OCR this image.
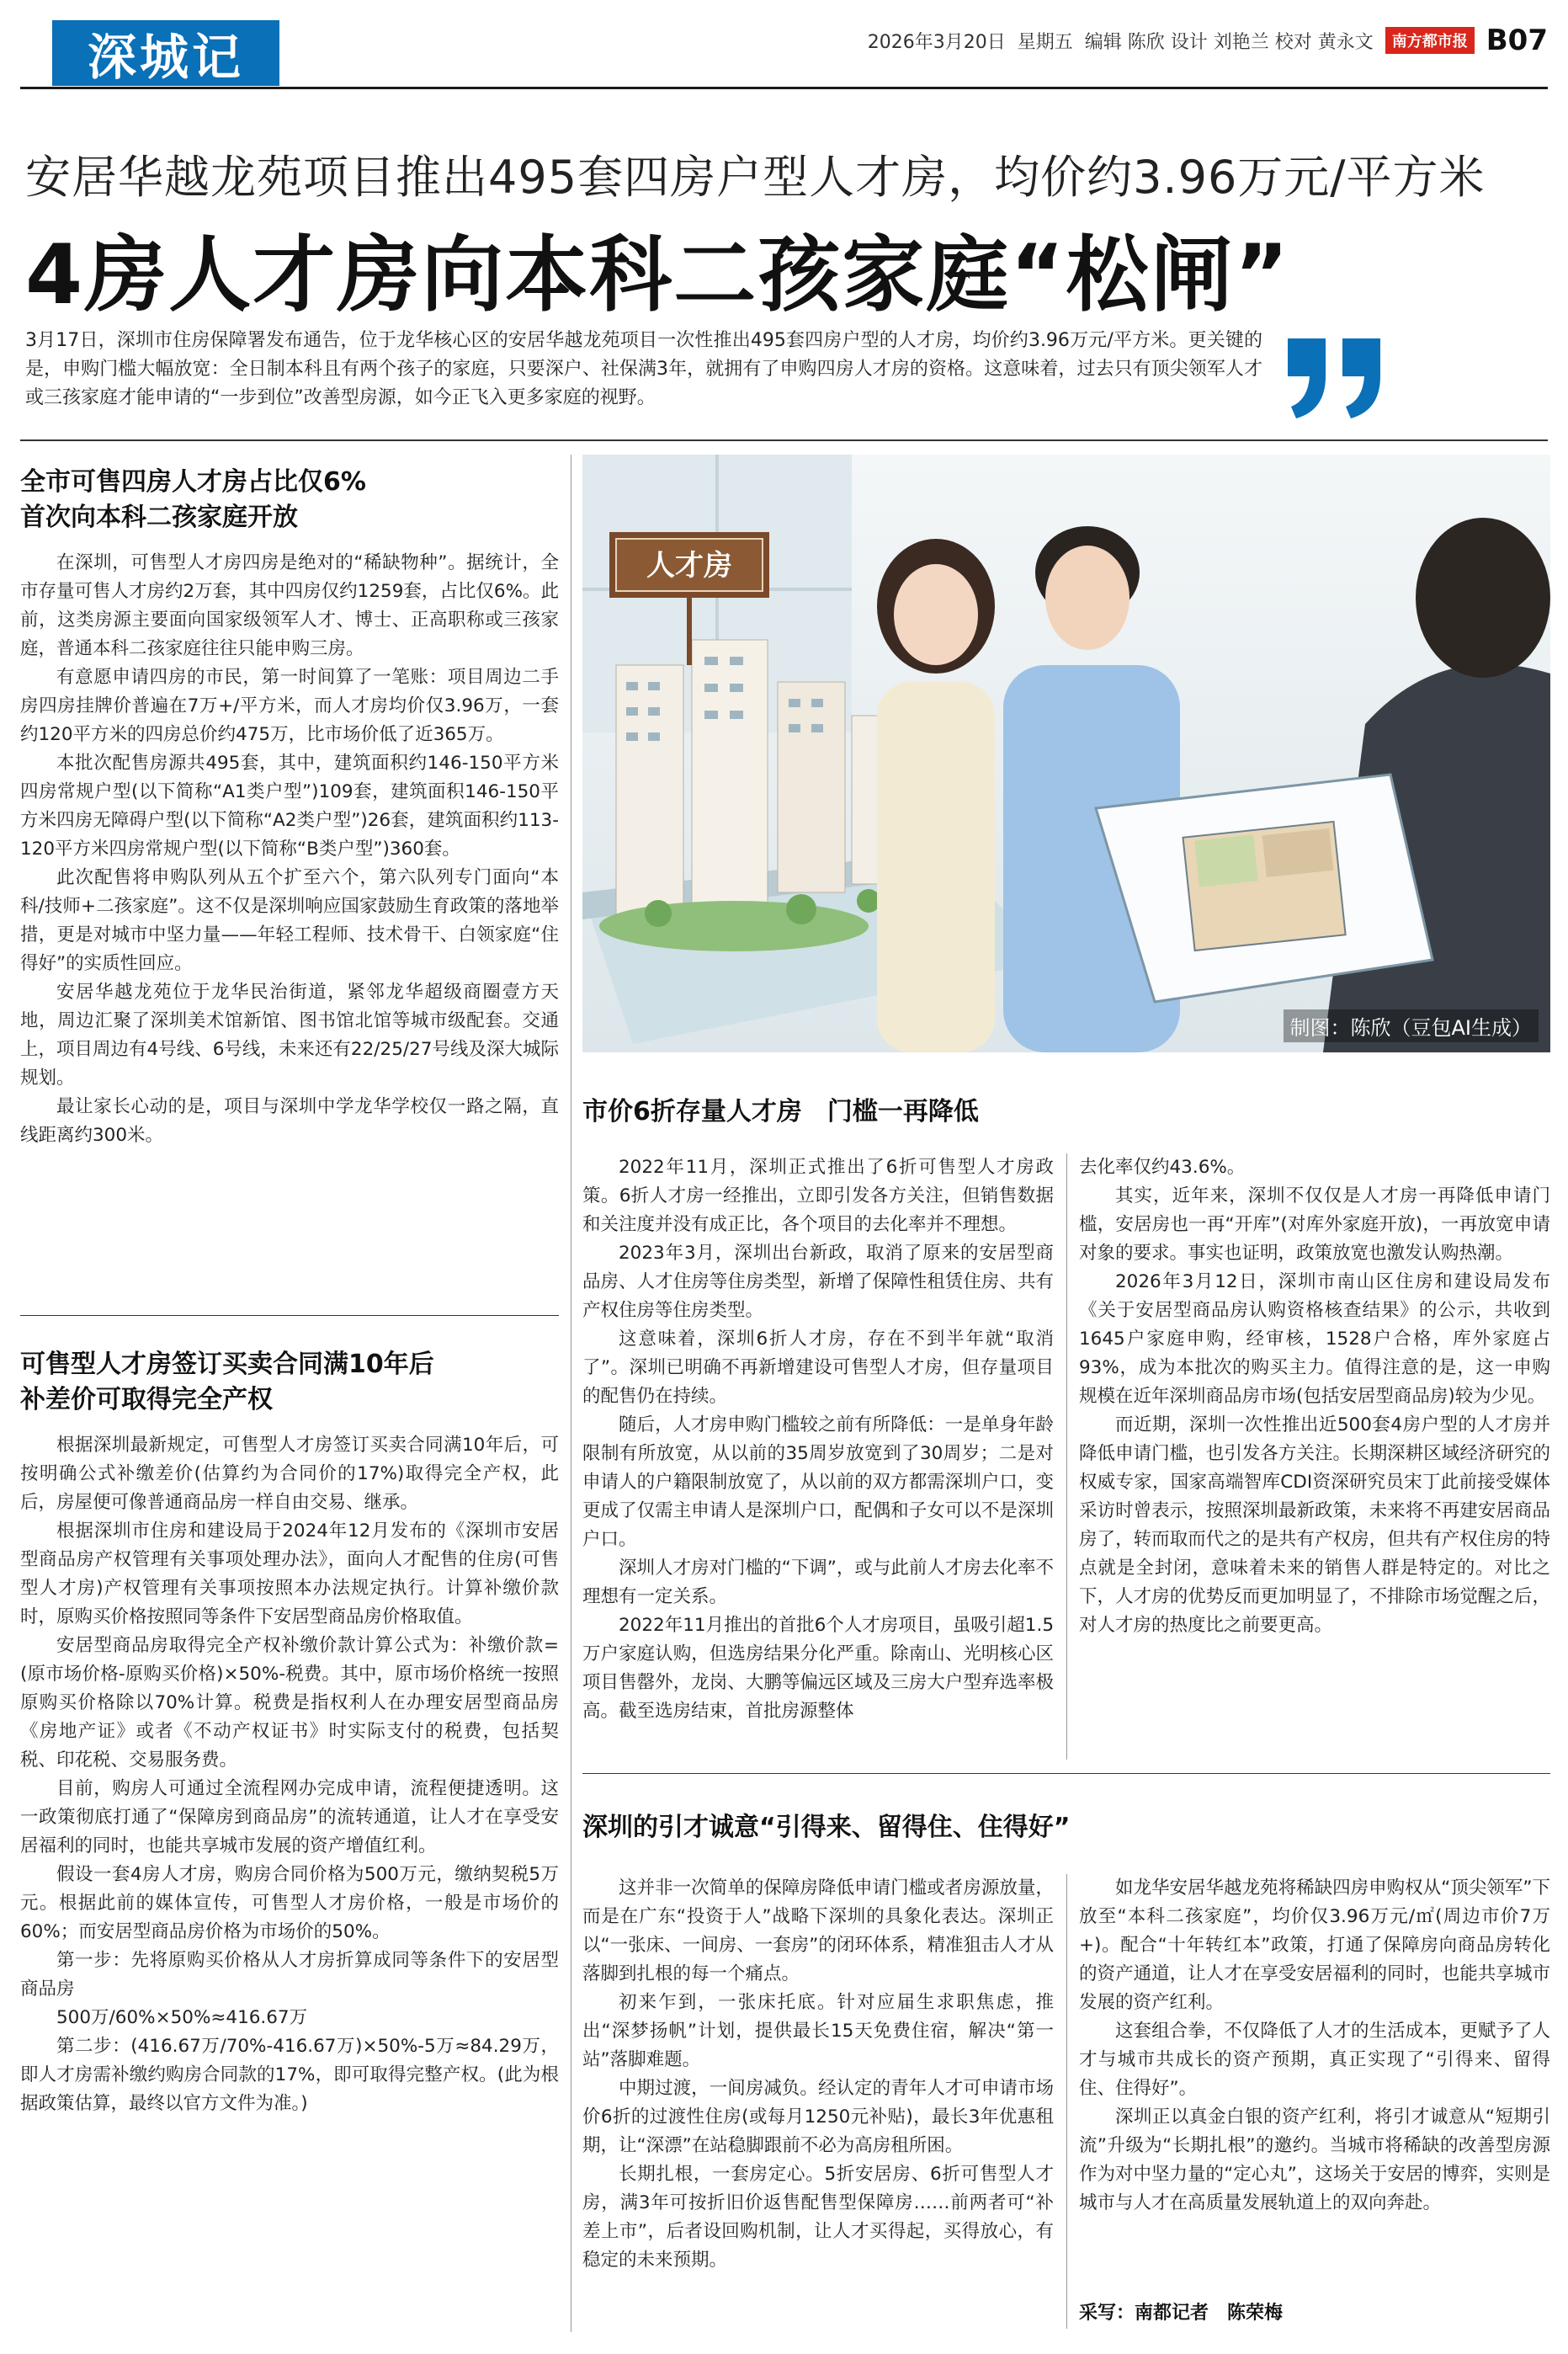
深城记	2026年3月20日 星期五 编辑 陈欣 设计 刘艳兰 校对 黄永文	南方都市报 B07
安居华越龙苑项目推出495套四房户型人才房，均价约3.96万元/平方米
4房人才房向本科二孩家庭“松闸”
3月17日，深圳市住房保障署发布通告，位于龙华核心区的安居华越龙苑项目一次性推出495套四房户型的人才房，均价约3.96万元/平方米。更关键的是，申购门槛大幅放宽：全日制本科且有两个孩子的家庭，只要深户、社保满3年，就拥有了申购四房人才房的资格。这意味着，过去只有顶尖领军人才或三孩家庭才能申请的“一步到位”改善型房源，如今正飞入更多家庭的视野。
全市可售四房人才房占比仅6%
首次向本科二孩家庭开放

在深圳，可售型人才房四房是绝对的“稀缺物种”。据统计，全市存量可售人才房约2万套，其中四房仅约1259套，占比仅6%。此前，这类房源主要面向国家级领军人才、博士、正高职称或三孩家庭，普通本科二孩家庭往往只能申购三房。

有意愿申请四房的市民，第一时间算了一笔账：项目周边二手房四房挂牌价普遍在7万+/平方米，而人才房均价仅3.96万，一套约120平方米的四房总价约475万，比市场价低了近365万。

本批次配售房源共495套，其中，建筑面积约146-150平方米四房常规户型(以下简称“A1类户型”)109套，建筑面积146-150平方米四房无障碍户型(以下简称“A2类户型”)26套，建筑面积约113-120平方米四房常规户型(以下简称“B类户型”)360套。

此次配售将申购队列从五个扩至六个，第六队列专门面向“本科/技师+二孩家庭”。这不仅是深圳响应国家鼓励生育政策的落地举措，更是对城市中坚力量——年轻工程师、技术骨干、白领家庭“住得好”的实质性回应。

安居华越龙苑位于龙华民治街道，紧邻龙华超级商圈壹方天地，周边汇聚了深圳美术馆新馆、图书馆北馆等城市级配套。交通上，项目周边有4号线、6号线，未来还有22/25/27号线及深大城际规划。

最让家长心动的是，项目与深圳中学龙华学校仅一路之隔，直线距离约300米。

可售型人才房签订买卖合同满10年后
补差价可取得完全产权

根据深圳最新规定，可售型人才房签订买卖合同满10年后，可按明确公式补缴差价(估算约为合同价的17%)取得完全产权，此后，房屋便可像普通商品房一样自由交易、继承。

根据深圳市住房和建设局于2024年12月发布的《深圳市安居型商品房产权管理有关事项处理办法》，面向人才配售的住房(可售型人才房)产权管理有关事项按照本办法规定执行。计算补缴价款时，原购买价格按照同等条件下安居型商品房价格取值。

安居型商品房取得完全产权补缴价款计算公式为：补缴价款=(原市场价格-原购买价格)×50%-税费。其中，原市场价格统一按照原购买价格除以70%计算。税费是指权利人在办理安居型商品房《房地产证》或者《不动产权证书》时实际支付的税费，包括契税、印花税、交易服务费。

目前，购房人可通过全流程网办完成申请，流程便捷透明。这一政策彻底打通了“保障房到商品房”的流转通道，让人才在享受安居福利的同时，也能共享城市发展的资产增值红利。

假设一套4房人才房，购房合同价格为500万元，缴纳契税5万元。根据此前的媒体宣传，可售型人才房价格，一般是市场价的60%；而安居型商品房价格为市场价的50%。

第一步：先将原购买价格从人才房折算成同等条件下的安居型商品房

500万/60%×50%≈416.67万

第二步：(416.67万/70%-416.67万)×50%-5万≈84.29万，即人才房需补缴约购房合同款的17%，即可取得完整产权。(此为根据政策估算，最终以官方文件为准。)

人才房
制图：陈欣（豆包AI生成）
市价6折存量人才房　门槛一再降低

2022年11月，深圳正式推出了6折可售型人才房政策。6折人才房一经推出，立即引发各方关注，但销售数据和关注度并没有成正比，各个项目的去化率并不理想。

2023年3月，深圳出台新政，取消了原来的安居型商品房、人才住房等住房类型，新增了保障性租赁住房、共有产权住房等住房类型。

这意味着，深圳6折人才房，存在不到半年就“取消了”。深圳已明确不再新增建设可售型人才房，但存量项目的配售仍在持续。

随后，人才房申购门槛较之前有所降低：一是单身年龄限制有所放宽，从以前的35周岁放宽到了30周岁；二是对申请人的户籍限制放宽了，从以前的双方都需深圳户口，变更成了仅需主申请人是深圳户口，配偶和子女可以不是深圳户口。

深圳人才房对门槛的“下调”，或与此前人才房去化率不理想有一定关系。

2022年11月推出的首批6个人才房项目，虽吸引超1.5万户家庭认购，但选房结果分化严重。除南山、光明核心区项目售罄外，龙岗、大鹏等偏远区域及三房大户型弃选率极高。截至选房结束，首批房源整体

去化率仅约43.6%。

其实，近年来，深圳不仅仅是人才房一再降低申请门槛，安居房也一再“开库”(对库外家庭开放)，一再放宽申请对象的要求。事实也证明，政策放宽也激发认购热潮。

2026年3月12日，深圳市南山区住房和建设局发布《关于安居型商品房认购资格核查结果》的公示，共收到1645户家庭申购，经审核，1528户合格，库外家庭占93%，成为本批次的购买主力。值得注意的是，这一申购规模在近年深圳商品房市场(包括安居型商品房)较为少见。

而近期，深圳一次性推出近500套4房户型的人才房并降低申请门槛，也引发各方关注。长期深耕区域经济研究的权威专家，国家高端智库CDI资深研究员宋丁此前接受媒体采访时曾表示，按照深圳最新政策，未来将不再建安居商品房了，转而取而代之的是共有产权房，但共有产权住房的特点就是全封闭，意味着未来的销售人群是特定的。对比之下，人才房的优势反而更加明显了，不排除市场觉醒之后，对人才房的热度比之前要更高。

深圳的引才诚意“引得来、留得住、住得好”

这并非一次简单的保障房降低申请门槛或者房源放量，而是在广东“投资于人”战略下深圳的具象化表达。深圳正以“一张床、一间房、一套房”的闭环体系，精准狙击人才从落脚到扎根的每一个痛点。

初来乍到，一张床托底。针对应届生求职焦虑，推出“深梦扬帆”计划，提供最长15天免费住宿，解决“第一站”落脚难题。

中期过渡，一间房减负。经认定的青年人才可申请市场价6折的过渡性住房(或每月1250元补贴)，最长3年优惠租期，让“深漂”在站稳脚跟前不必为高房租所困。

长期扎根，一套房定心。5折安居房、6折可售型人才房，满3年可按折旧价返售配售型保障房……前两者可“补差上市”，后者设回购机制，让人才买得起，买得放心，有稳定的未来预期。

如龙华安居华越龙苑将稀缺四房申购权从“顶尖领军”下放至“本科二孩家庭”，均价仅3.96万元/㎡(周边市价7万+)。配合“十年转红本”政策，打通了保障房向商品房转化的资产通道，让人才在享受安居福利的同时，也能共享城市发展的资产红利。

这套组合拳，不仅降低了人才的生活成本，更赋予了人才与城市共成长的资产预期，真正实现了“引得来、留得住、住得好”。

深圳正以真金白银的资产红利，将引才诚意从“短期引流”升级为“长期扎根”的邀约。当城市将稀缺的改善型房源作为对中坚力量的“定心丸”，这场关于安居的博弈，实则是城市与人才在高质量发展轨道上的双向奔赴。

采写：南都记者　陈荣梅
